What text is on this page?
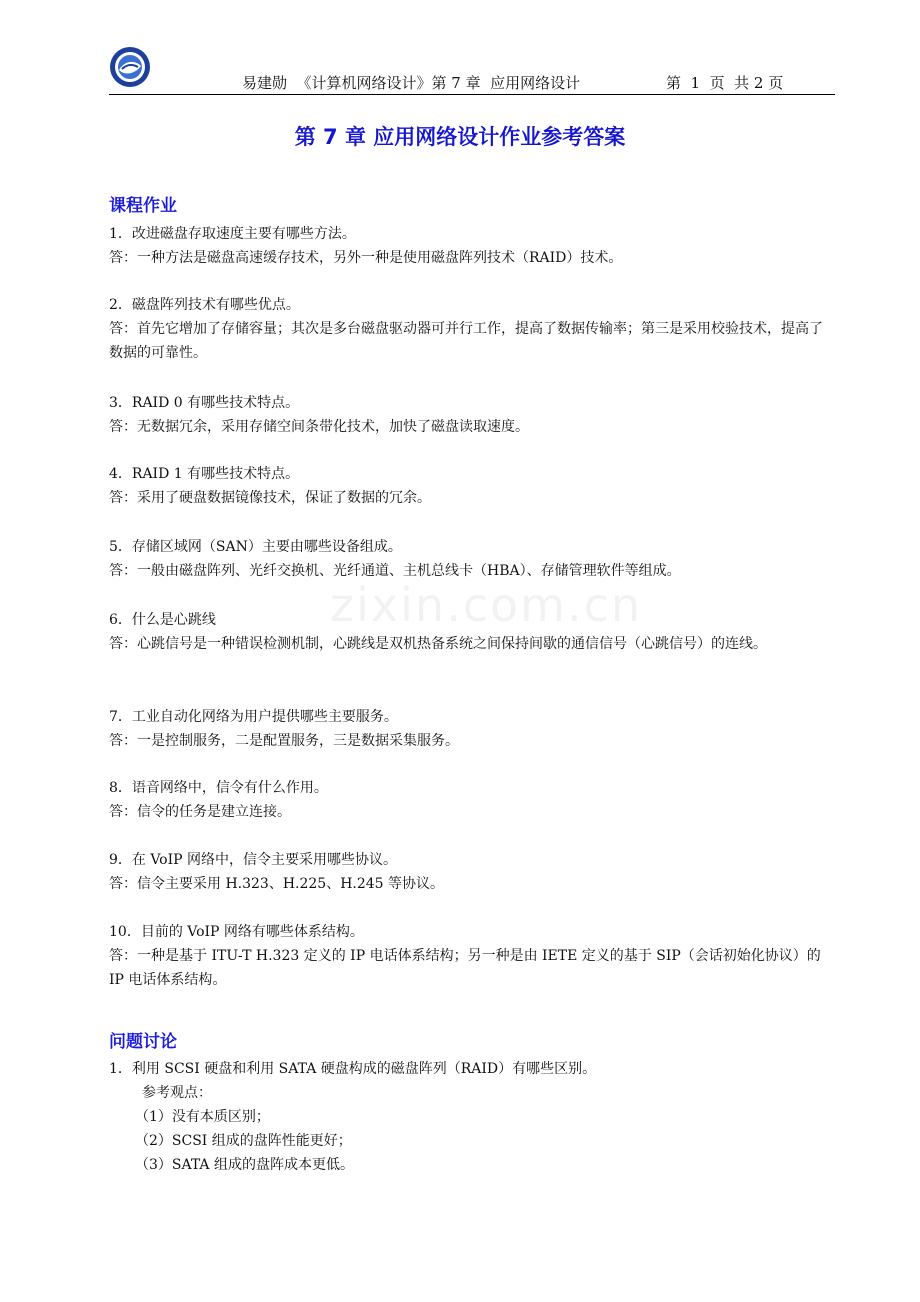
易建勋  《计算机网络设计》第 7 章  应用网络设计	第  1  页  共 2 页
zixin.com.cn
第 7 章 应用网络设计作业参考答案
课程作业

1．改进磁盘存取速度主要有哪些方法。

答：一种方法是磁盘高速缓存技术，另外一种是使用磁盘阵列技术（RAID）技术。

2．磁盘阵列技术有哪些优点。

答：首先它增加了存储容量；其次是多台磁盘驱动器可并行工作，提高了数据传输率；第三是采用校验技术，提高了数据的可靠性。

3．RAID 0 有哪些技术特点。

答：无数据冗余，采用存储空间条带化技术，加快了磁盘读取速度。

4．RAID 1 有哪些技术特点。

答：采用了硬盘数据镜像技术，保证了数据的冗余。

5．存储区域网（SAN）主要由哪些设备组成。

答：一般由磁盘阵列、光纤交换机、光纤通道、主机总线卡（HBA）、存储管理软件等组成。

6．什么是心跳线

答：心跳信号是一种错误检测机制，心跳线是双机热备系统之间保持间歇的通信信号（心跳信号）的连线。

7．工业自动化网络为用户提供哪些主要服务。

答：一是控制服务，二是配置服务，三是数据采集服务。

8．语音网络中，信令有什么作用。

答：信令的任务是建立连接。

9．在 VoIP 网络中，信令主要采用哪些协议。

答：信令主要采用 H.323、H.225、H.245 等协议。

10．目前的 VoIP 网络有哪些体系结构。

答：一种是基于 ITU-T H.323 定义的 IP 电话体系结构；另一种是由 IETE 定义的基于 SIP（会话初始化协议）的 IP 电话体系结构。

问题讨论

1．利用 SCSI 硬盘和利用 SATA 硬盘构成的磁盘阵列（RAID）有哪些区别。

参考观点：

（1）没有本质区别；

（2）SCSI 组成的盘阵性能更好；

（3）SATA 组成的盘阵成本更低。
